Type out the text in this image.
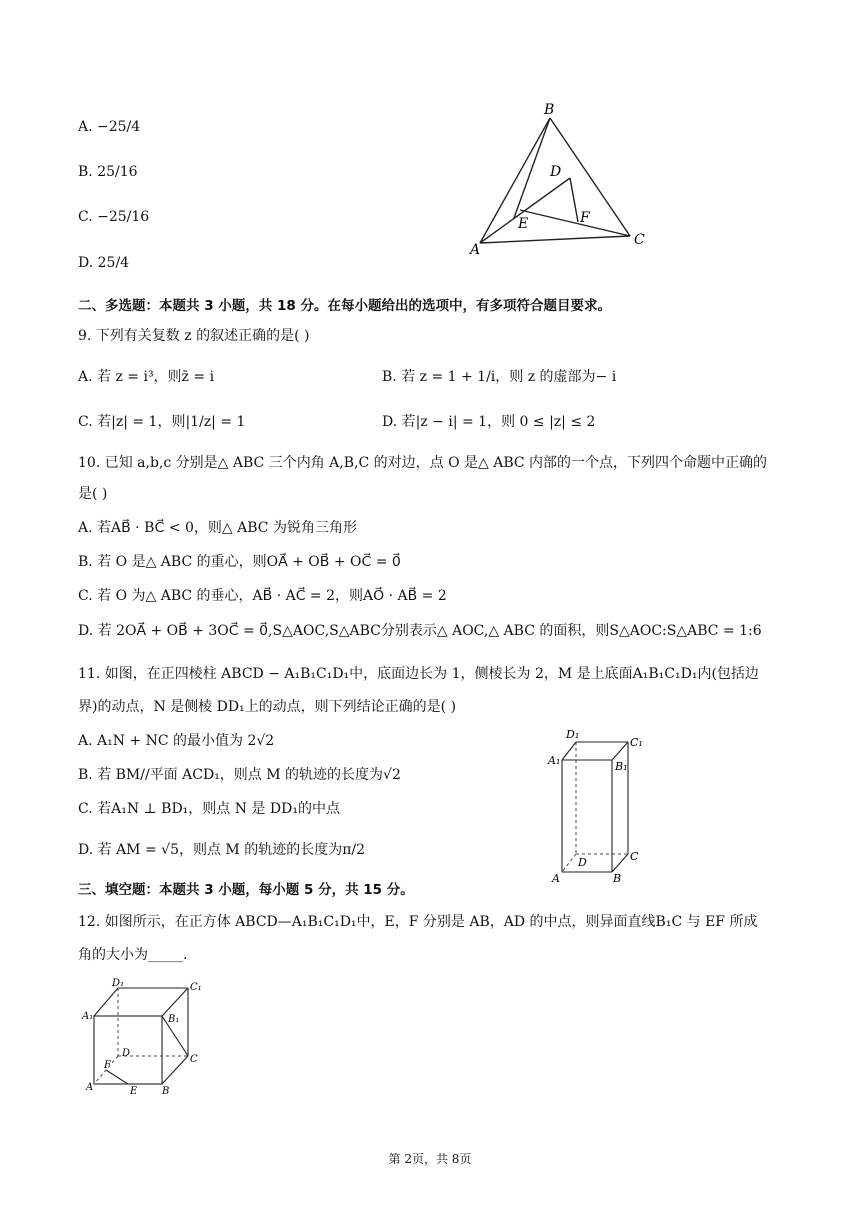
A. −25/4
B. 25/16
C. −25/16
D. 25/4
B
D
E	F
A
C
二、多选题：本题共 3 小题，共 18 分。在每小题给出的选项中，有多项符合题目要求。
9. 下列有关复数 z 的叙述正确的是( )
A. 若 z = i³，则z̄ = i	B. 若 z = 1 + 1/i，则 z 的虚部为− i
C. 若|z| = 1，则|1/z| = 1	D. 若|z − i| = 1，则 0 ≤ |z| ≤ 2
10. 已知 a,b,c 分别是△ ABC 三个内角 A,B,C 的对边，点 O 是△ ABC 内部的一个点，下列四个命题中正确的
是( )
A. 若AB⃗ · BC⃗ < 0，则△ ABC 为锐角三角形
B. 若 O 是△ ABC 的重心，则OA⃗ + OB⃗ + OC⃗ = 0⃗
C. 若 O 为△ ABC 的垂心，AB⃗ · AC⃗ = 2，则AO⃗ · AB⃗ = 2
D. 若 2OA⃗ + OB⃗ + 3OC⃗ = 0⃗,S△AOC,S△ABC分别表示△ AOC,△ ABC 的面积，则S△AOC:S△ABC = 1:6
11. 如图，在正四棱柱 ABCD − A₁B₁C₁D₁中，底面边长为 1，侧棱长为 2，M 是上底面A₁B₁C₁D₁内(包括边
界)的动点，N 是侧棱 DD₁上的动点，则下列结论正确的是( )
A. A₁N + NC 的最小值为 2√2
B. 若 BM//平面 ACD₁，则点 M 的轨迹的长度为√2
C. 若A₁N ⊥ BD₁，则点 N 是 DD₁的中点
D. 若 AM = √5，则点 M 的轨迹的长度为π/2
D₁
C₁
A₁	B₁
D	C
A	B
三、填空题：本题共 3 小题，每小题 5 分，共 15 分。
12. 如图所示，在正方体 ABCD—A₁B₁C₁D₁中，E，F 分别是 AB，AD 的中点，则异面直线B₁C 与 EF 所成
角的大小为_____.
D₁	C₁
A₁	B₁
D
C
F
A	E B
第 2页，共 8页
